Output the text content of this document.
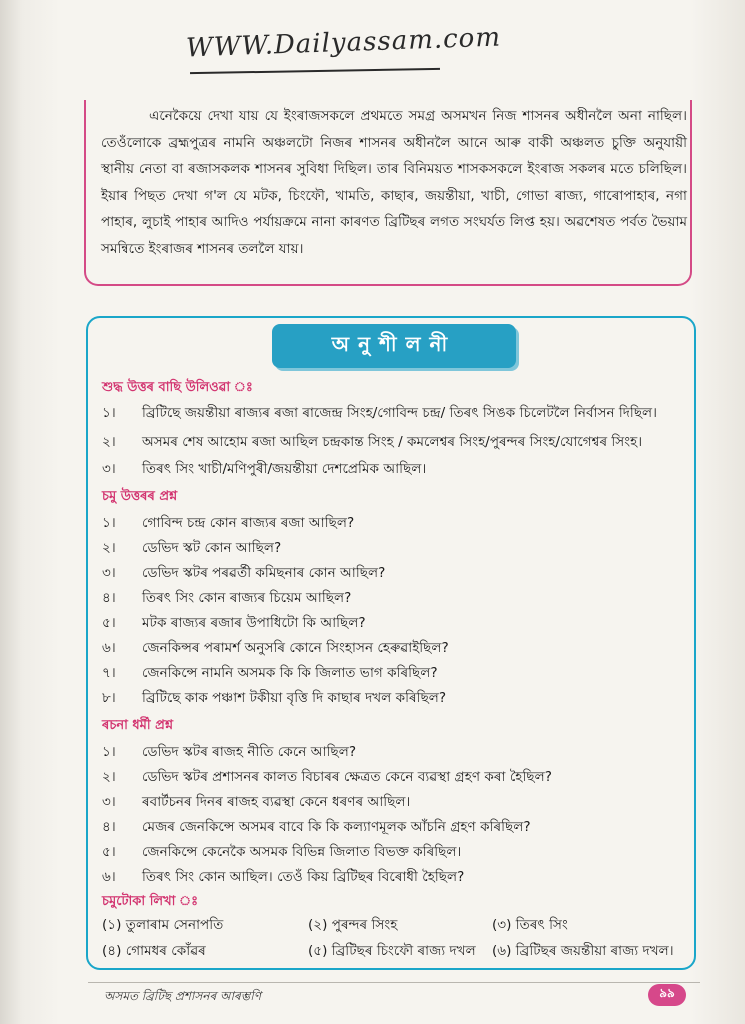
WWW.Dailyassam.com

এনেকৈয়ে দেখা যায় যে ইংৰাজসকলে প্ৰথমতে সমগ্ৰ অসমখন নিজ শাসনৰ অধীনলৈ অনা নাছিল। তেওঁলোকে ব্ৰহ্মপুত্ৰৰ নামনি অঞ্চলটো নিজৰ শাসনৰ অধীনলৈ আনে আৰু বাকী অঞ্চলত চুক্তি অনুযায়ী স্থানীয় নেতা বা ৰজাসকলক শাসনৰ সুবিধা দিছিল। তাৰ বিনিময়ত শাসকসকলে ইংৰাজ সকলৰ মতে চলিছিল। ইয়াৰ পিছত দেখা গ'ল যে মটক, চিংফৌ, খামতি, কাছাৰ, জয়ন্তীয়া, খাচী, গোভা ৰাজ্য, গাৰোপাহাৰ, নগা পাহাৰ, লুচাই পাহাৰ আদিও পৰ্যায়ক্ৰমে নানা কাৰণত ব্ৰিটিছৰ লগত সংঘৰ্যত লিপ্ত হয়। অৱশেষত পৰ্বত ভৈয়াম সমন্বিতে ইংৰাজৰ শাসনৰ তললৈ যায়।

অনুশীলনী
শুদ্ধ উত্তৰ বাছি উলিওৱা ঃ
১।	ব্ৰিটিছে জয়ন্তীয়া ৰাজ্যৰ ৰজা ৰাজেন্দ্ৰ সিংহ/গোবিন্দ চন্দ্ৰ/ তিৰৎ সিঙক চিলেটলৈ নিৰ্বাসন দিছিল।
২।	অসমৰ শেষ আহোম ৰজা আছিল চন্দ্ৰকান্ত সিংহ / কমলেশ্বৰ সিংহ/পুৰন্দৰ সিংহ/যোগেশ্বৰ সিংহ।
৩।	তিৰৎ সিং খাচী/মণিপুৰী/জয়ন্তীয়া দেশপ্ৰেমিক আছিল।
চমু উত্তৰৰ প্ৰশ্ন
১।	গোবিন্দ চন্দ্ৰ কোন ৰাজ্যৰ ৰজা আছিল?
২।	ডেভিদ স্কট কোন আছিল?
৩।	ডেভিদ স্কটৰ পৰৱৰ্তী কমিছনাৰ কোন আছিল?
৪।	তিৰৎ সিং কোন ৰাজ্যৰ চিয়েম আছিল?
৫।	মটক ৰাজ্যৰ ৰজাৰ উপাধিটো কি আছিল?
৬।	জেনকিন্সৰ পৰামৰ্শ অনুসৰি কোনে সিংহাসন হেৰুৱাইছিল?
৭।	জেনকিন্সে নামনি অসমক কি কি জিলাত ভাগ কৰিছিল?
৮।	ব্ৰিটিছে কাক পঞ্চাশ টকীয়া বৃত্তি দি কাছাৰ দখল কৰিছিল?
ৰচনা ধৰ্মী প্ৰশ্ন
১।	ডেভিদ স্কটৰ ৰাজহ নীতি কেনে আছিল?
২।	ডেভিদ স্কটৰ প্ৰশাসনৰ কালত বিচাৰৰ ক্ষেত্ৰত কেনে ব্যৱস্থা গ্ৰহণ কৰা হৈছিল?
৩।	ৰবাৰ্টচনৰ দিনৰ ৰাজহ ব্যৱস্থা কেনে ধৰণৰ আছিল।
৪।	মেজৰ জেনকিন্সে অসমৰ বাবে কি কি কল্যাণমূলক আঁচনি গ্ৰহণ কৰিছিল?
৫।	জেনকিন্সে কেনেকৈ অসমক বিভিন্ন জিলাত বিভক্ত কৰিছিল।
৬।	তিৰৎ সিং কোন আছিল। তেওঁ কিয় ব্ৰিটিছৰ বিৰোধী হৈছিল?
চমুটোকা লিখা ঃ
(১) তুলাৰাম সেনাপতি	(২) পুৰন্দৰ সিংহ	(৩) তিৰৎ সিং
(৪) গোমধৰ কোঁৱৰ	(৫) ব্ৰিটিছৰ চিংফৌ ৰাজ্য দখল	(৬) ব্ৰিটিছৰ জয়ন্তীয়া ৰাজ্য দখল।
অসমত ব্ৰিটিছ প্ৰশাসনৰ আৰম্ভণি	৯৯
